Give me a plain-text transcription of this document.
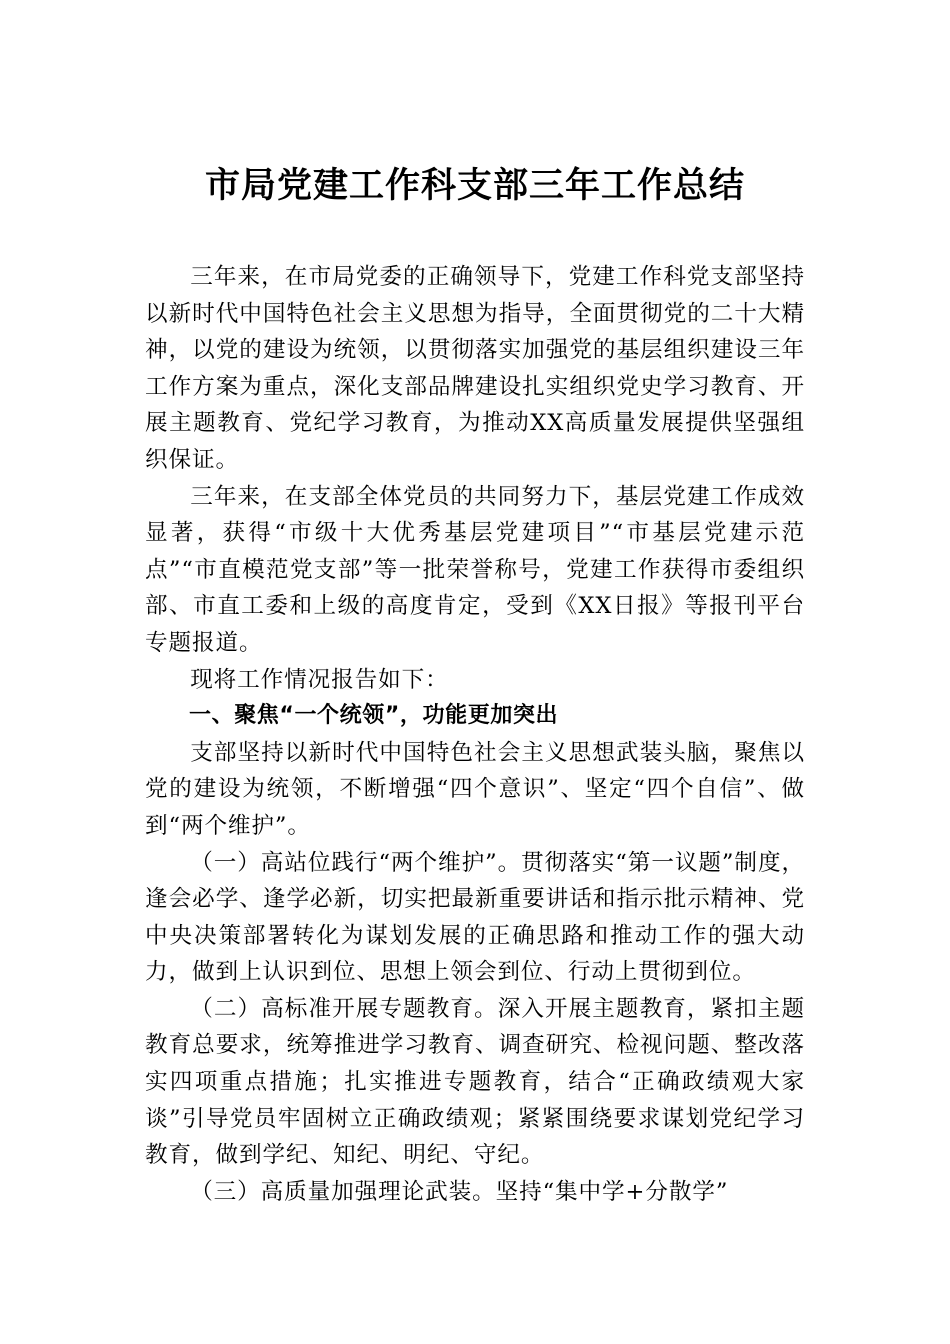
市局党建工作科支部三年工作总结

三年来，在市局党委的正确领导下，党建工作科党支部坚持以新时代中国特色社会主义思想为指导，全面贯彻党的二十大精神，以党的建设为统领，以贯彻落实加强党的基层组织建设三年工作方案为重点，深化支部品牌建设扎实组织党史学习教育、开展主题教育、党纪学习教育，为推动XX高质量发展提供坚强组织保证。

三年来，在支部全体党员的共同努力下，基层党建工作成效显著，获得“市级十大优秀基层党建项目”“市基层党建示范点”“市直模范党支部”等一批荣誉称号，党建工作获得市委组织部、市直工委和上级的高度肯定，受到《XX日报》等报刊平台专题报道。

现将工作情况报告如下：

一、聚焦“一个统领”，功能更加突出

支部坚持以新时代中国特色社会主义思想武装头脑，聚焦以党的建设为统领，不断增强“四个意识”、坚定“四个自信”、做到“两个维护”。

（一）高站位践行“两个维护”。贯彻落实“第一议题”制度，逢会必学、逢学必新，切实把最新重要讲话和指示批示精神、党中央决策部署转化为谋划发展的正确思路和推动工作的强大动力，做到上认识到位、思想上领会到位、行动上贯彻到位。

（二）高标准开展专题教育。深入开展主题教育，紧扣主题教育总要求，统筹推进学习教育、调查研究、检视问题、整改落实四项重点措施；扎实推进专题教育，结合“正确政绩观大家谈”引导党员牢固树立正确政绩观；紧紧围绕要求谋划党纪学习教育，做到学纪、知纪、明纪、守纪。

（三）高质量加强理论武装。坚持“集中学+分散学”
